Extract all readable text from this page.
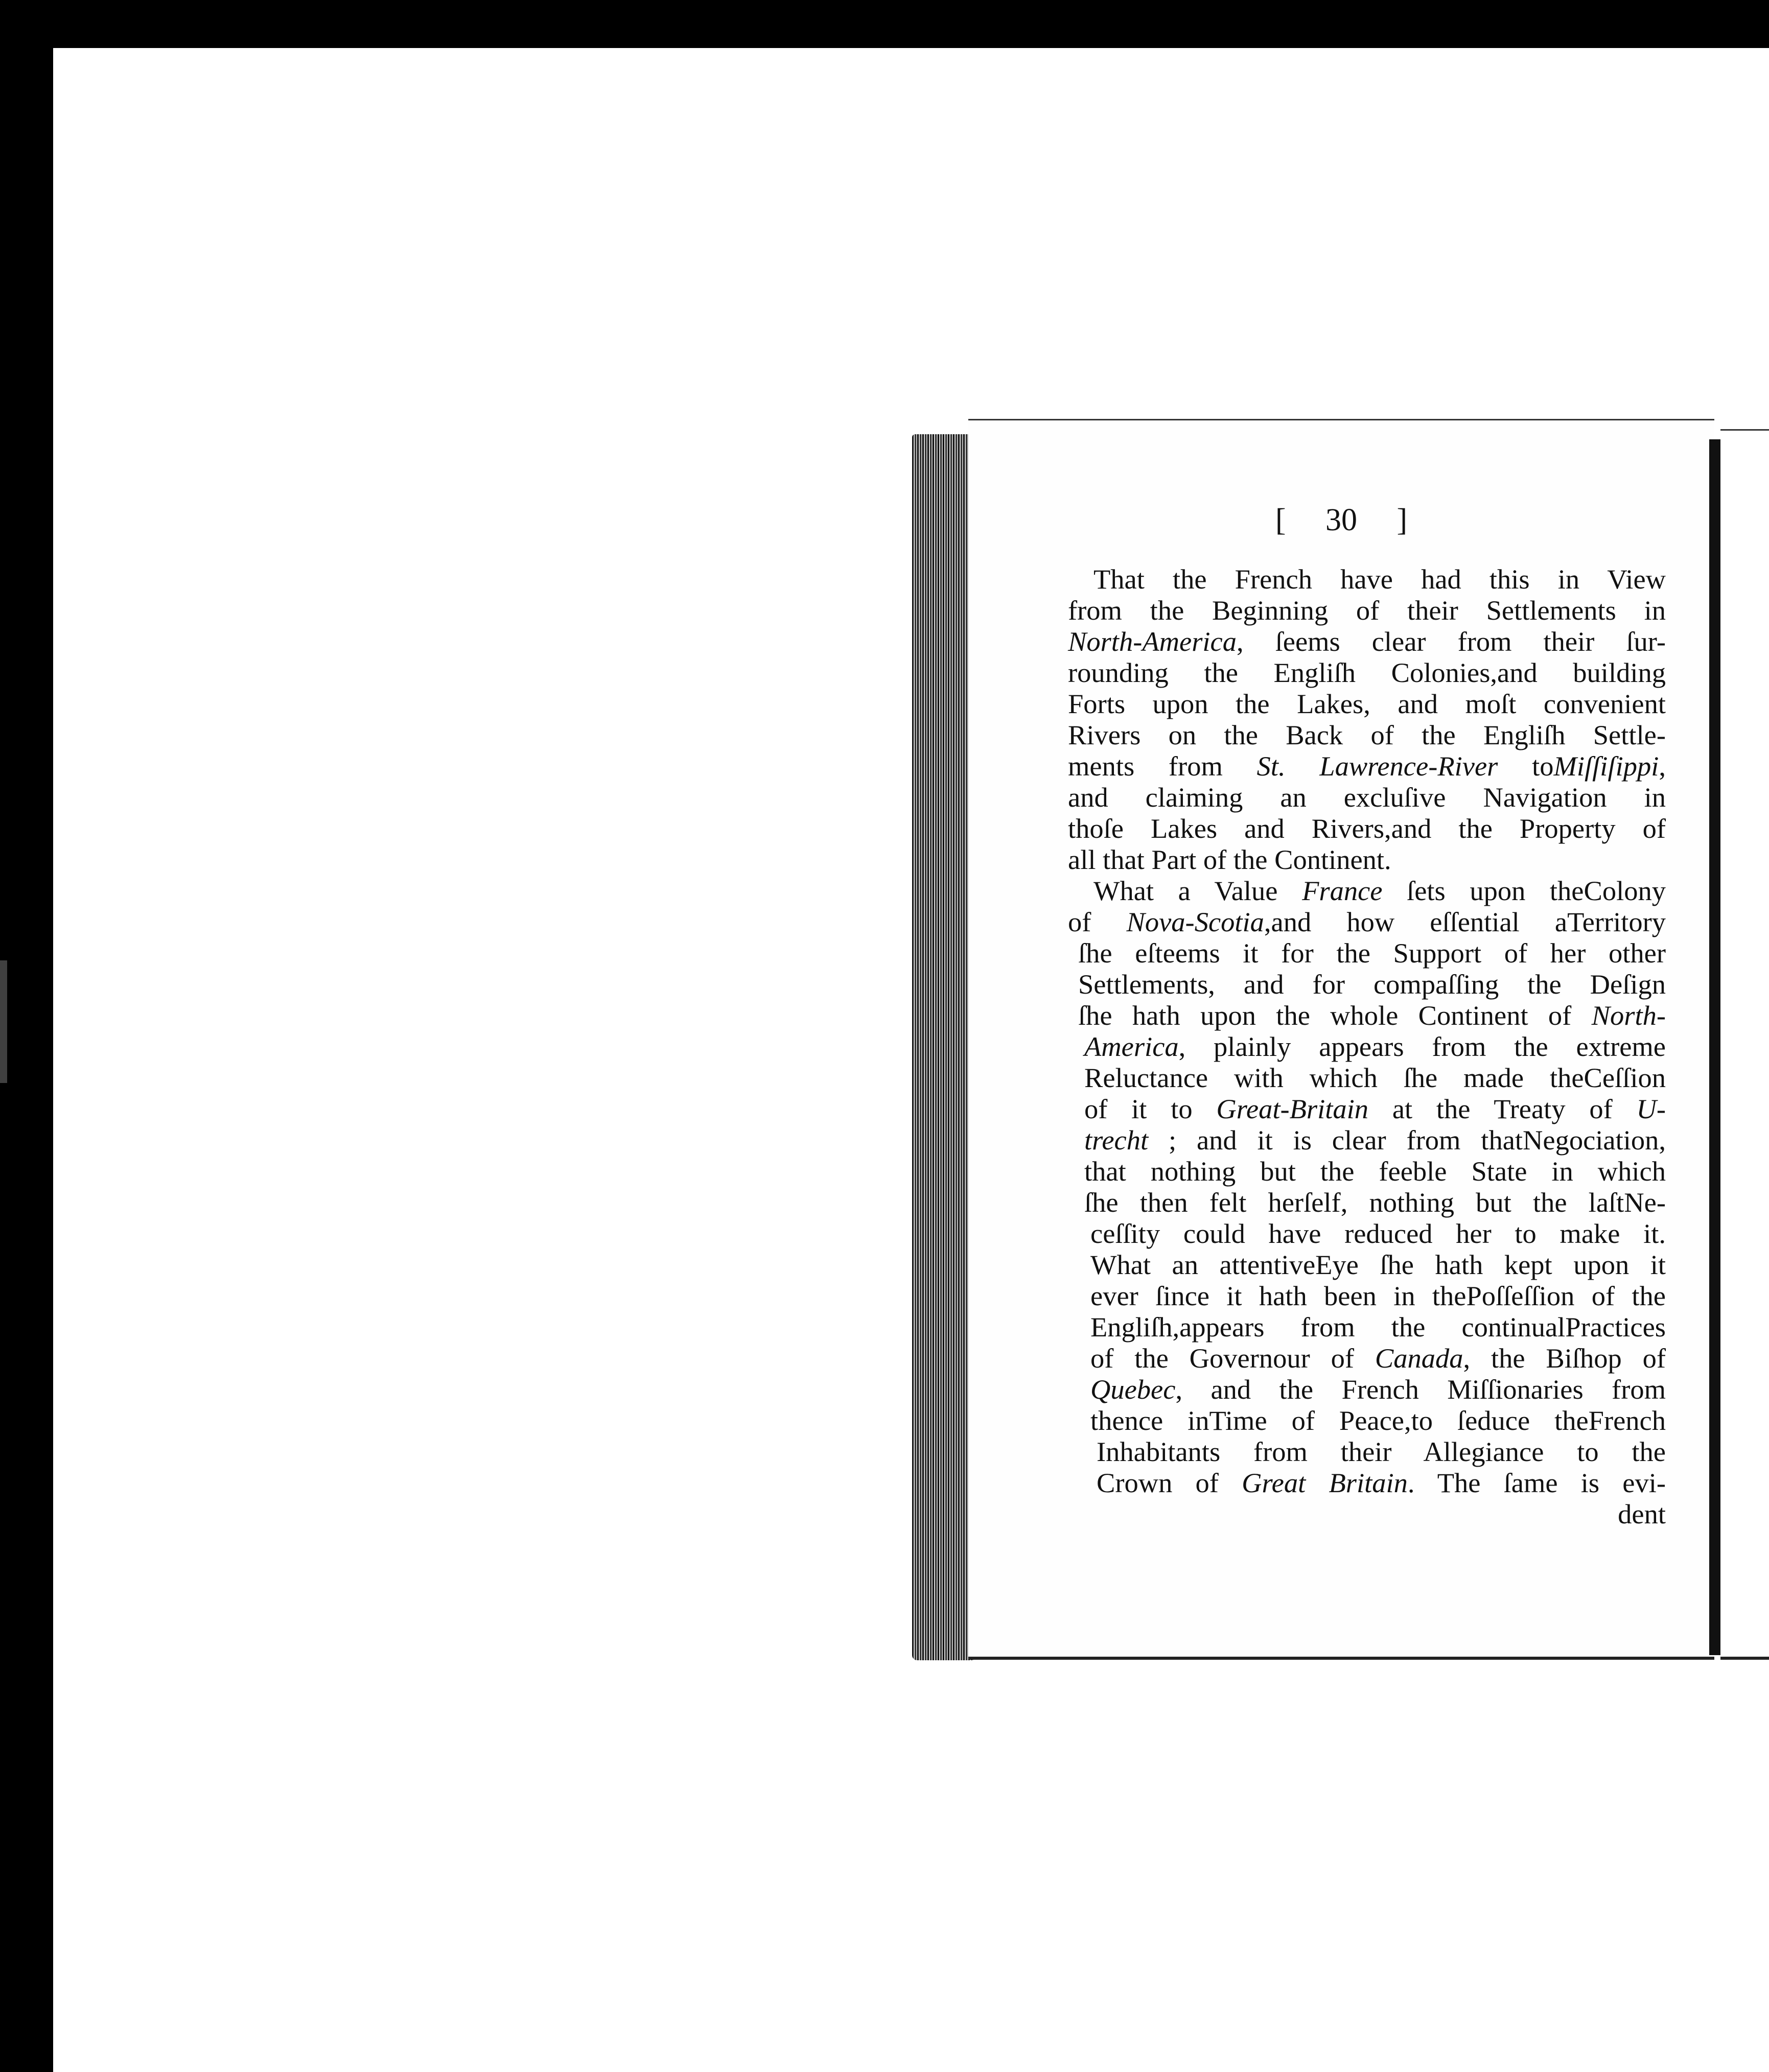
[ 30 ]
That the French have had this in View
from the Beginning of their Settlements in
North-America, ſeems clear from their ſur-
rounding the Engliſh Colonies,and building
Forts upon the Lakes, and moſt convenient
Rivers on the Back of the Engliſh Settle-
ments from St. Lawrence-River toMiſſiſippi,
and claiming an excluſive Navigation in
thoſe Lakes and Rivers,and the Property of
all that Part of the Continent.
What a Value France ſets upon theColony
of Nova-Scotia,and how eſſential aTerritory
ſhe eſteems it for the Support of her other
Settlements, and for compaſſing the Deſign
ſhe hath upon the whole Continent of North-
America, plainly appears from the extreme
Reluctance with which ſhe made theCeſſion
of it to Great-Britain at the Treaty of U-
trecht ; and it is clear from thatNegociation,
that nothing but the feeble State in which
ſhe then felt herſelf, nothing but the laſtNe-
ceſſity could have reduced her to make it.
What an attentiveEye ſhe hath kept upon it
ever ſince it hath been in thePoſſeſſion of the
Engliſh,appears from the continualPractices
of the Governour of Canada, the Biſhop of
Quebec, and the French Miſſionaries from
thence inTime of Peace,to ſeduce theFrench
Inhabitants from their Allegiance to the
Crown of Great Britain. The ſame is evi-
dent
